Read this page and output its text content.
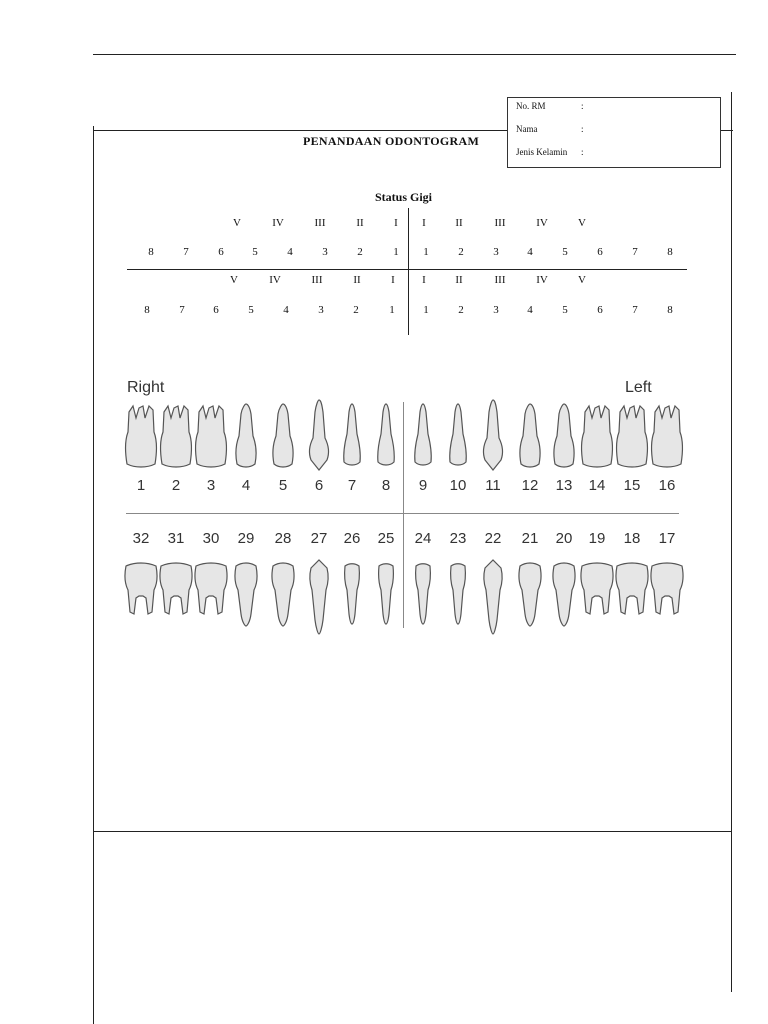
No. RM	:
Nama	:
Jenis Kelamin :
PENANDAAN ODONTOGRAM
Status Gigi
V	IV	III	II	I	I	II	III	IV	V
8	7	6	5	4	3	2	1	1	2	3	4	5	6	7	8
V	IV	III	II	I	I	II	III	IV	V
8	7	6	5	4	3	2	1	1	2	3	4	5	6	7	8
Right	Left
1	2	3	4	5	6	7	8	9	10	11	12	13	14	15	16
32	31	30	29	28	27	26	25	24	23	22	21	20	19	18	17
